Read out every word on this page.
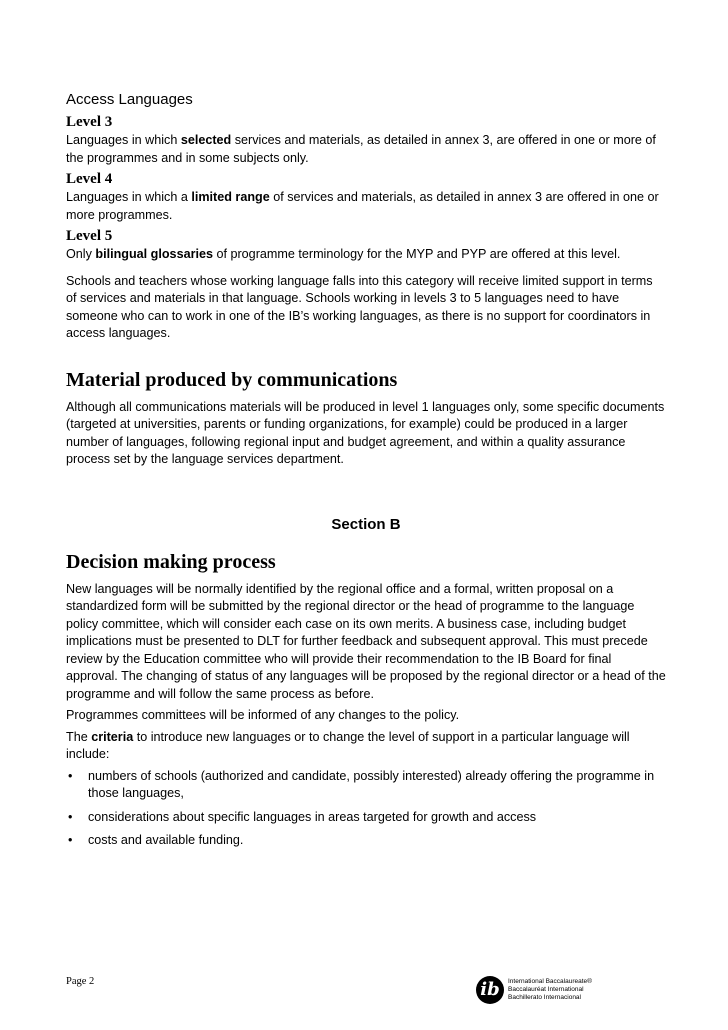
Access Languages
Level 3

Languages in which selected services and materials, as detailed in annex 3, are offered in one or more of the programmes and in some subjects only.

Level 4

Languages in which a limited range of services and materials, as detailed in annex 3 are offered in one or more programmes.

Level 5

Only bilingual glossaries of programme terminology for the MYP and PYP are offered at this level.

Schools and teachers whose working language falls into this category will receive limited support in terms of services and materials in that language. Schools working in levels 3 to 5 languages need to have someone who can to work in one of the IB’s working languages, as there is no support for coordinators in access languages.

Material produced by communications

Although all communications materials will be produced in level 1 languages only, some specific documents (targeted at universities, parents or funding organizations, for example) could be produced in a larger number of languages, following regional input and budget agreement, and within a quality assurance process set by the language services department.

Section B
Decision making process

New languages will be normally identified by the regional office and a formal, written proposal on a standardized form will be submitted by the regional director or the head of programme to the language policy committee, which will consider each case on its own merits. A business case, including budget implications must be presented to DLT for further feedback and subsequent approval. This must precede review by the Education committee who will provide their recommendation to the IB Board for final approval. The changing of status of any languages will be proposed by the regional director or a head of the programme and will follow the same process as before.

Programmes committees will be informed of any changes to the policy.

The criteria to introduce new languages or to change the level of support in a particular language will include:

• numbers of schools (authorized and candidate, possibly interested) already offering the programme in those languages,
• considerations about specific languages in areas targeted for growth and access
• costs and available funding.
Page 2	ib	International Baccalaureate®
Baccalauréat International
Bachillerato Internacional
